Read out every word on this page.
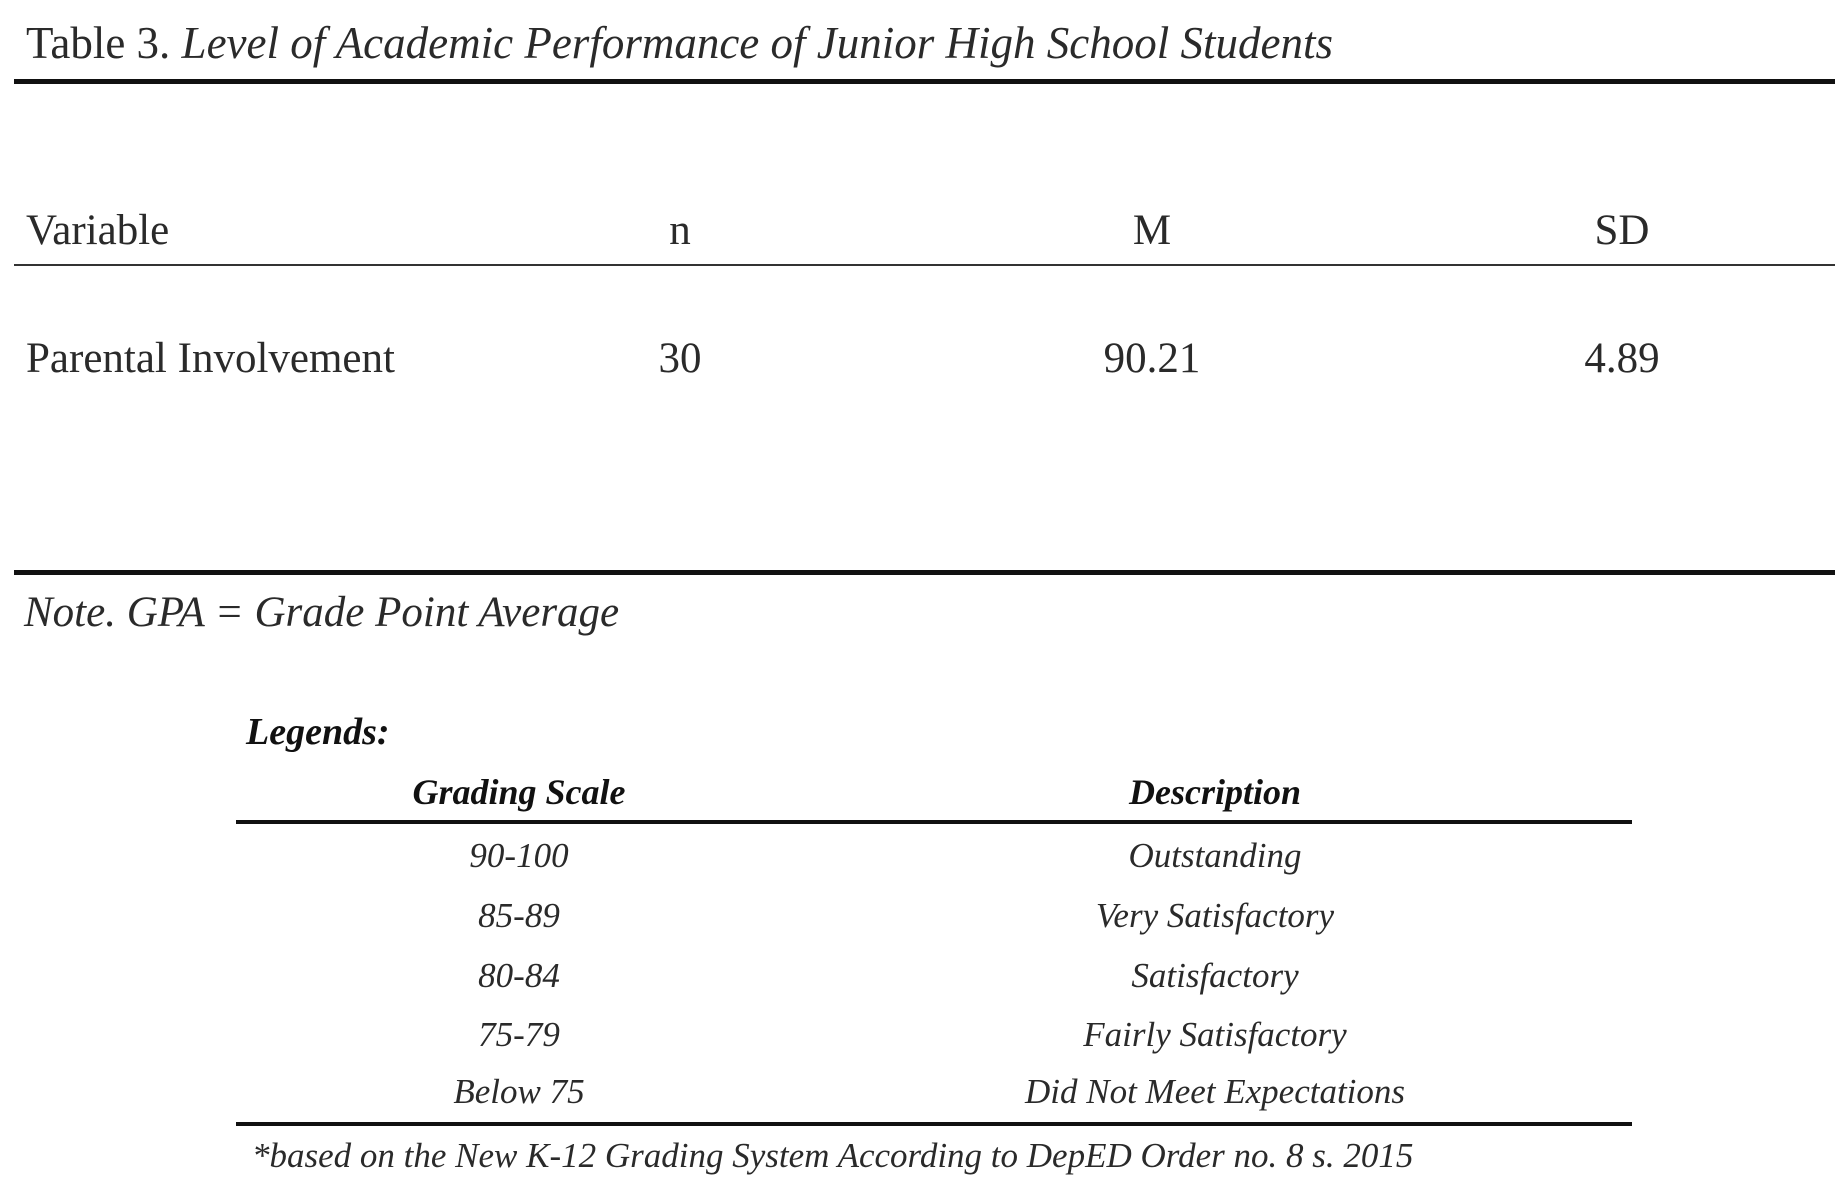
Table 3. Level of Academic Performance of Junior High School Students
Variable	n	M	SD
Parental Involvement	30	90.21	4.89
Note. GPA = Grade Point Average
Legends:
Grading Scale	Description
90-100	Outstanding
85-89	Very Satisfactory
80-84	Satisfactory
75-79	Fairly Satisfactory
Below 75	Did Not Meet Expectations
*based on the New K-12 Grading System According to DepED Order no. 8 s. 2015
